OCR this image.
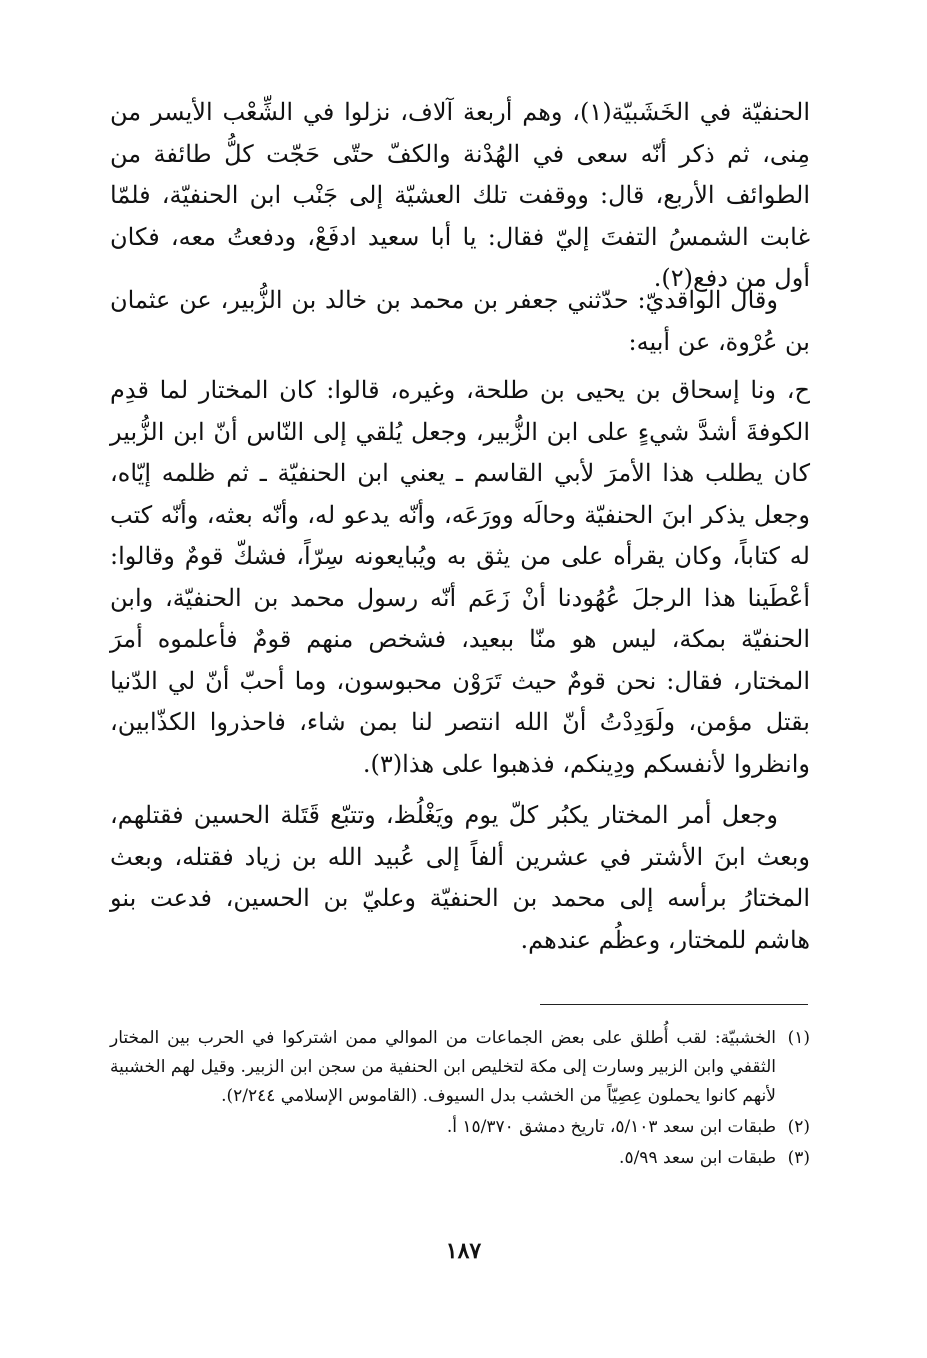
الحنفيّة في الخَشَبيّة(١)، وهم أربعة آلاف، نزلوا في الشِّعْب الأيسر من مِنى، ثم ذكر أنّه سعى في الهُدْنة والكفّ حتّى حَجّت كلُّ طائفة من الطوائف الأربع، قال: ووقفت تلك العشيّة إلى جَنْب ابن الحنفيّة، فلمّا غابت الشمسُ التفتَ إليّ فقال: يا أبا سعيد ادفَعْ، ودفعتُ معه، فكان أول من دفع(٢).

وقال الواقديّ: حدّثني جعفر بن محمد بن خالد بن الزُّبير، عن عثمان بن عُرْوة، عن أبيه:

ح، ونا إسحاق بن يحيى بن طلحة، وغيره، قالوا: كان المختار لما قدِم الكوفةَ أشدَّ شيءٍ على ابن الزُّبير، وجعل يُلقي إلى النّاس أنّ ابن الزُّبير كان يطلب هذا الأمرَ لأبي القاسم ـ يعني ابن الحنفيّة ـ ثم ظلمه إيّاه، وجعل يذكر ابنَ الحنفيّة وحالَه وورَعَه، وأنّه يدعو له، وأنّه بعثه، وأنّه كتب له كتاباً، وكان يقرأه على من يثق به ويُبايعونه سِرّاً، فشكّ قومٌ وقالوا: أعْطَينا هذا الرجلَ عُهُودنا أنْ زَعَم أنّه رسول محمد بن الحنفيّة، وابن الحنفيّة بمكة، ليس هو منّا ببعيد، فشخص منهم قومٌ فأعلموه أمرَ المختار، فقال: نحن قومٌ حيث تَرَوْن محبوسون، وما أحبّ أنّ لي الدّنيا بقتل مؤمن، ولَوَدِدْتُ أنّ الله انتصر لنا بمن شاء، فاحذروا الكذّابين، وانظروا لأنفسكم ودِينكم، فذهبوا على هذا(٣).

وجعل أمر المختار يكبُر كلّ يوم ويَغْلُظ، وتتبّع قَتَلة الحسين فقتلهم، وبعث ابنَ الأشتر في عشرين ألفاً إلى عُبيد الله بن زياد فقتله، وبعث المختارُ برأسه إلى محمد بن الحنفيّة وعليّ بن الحسين، فدعت بنو هاشم للمختار، وعظُم عندهم.

(١)
الخشبيّة: لقب أُطلق على بعض الجماعات من الموالي ممن اشتركوا في الحرب بين المختار الثقفي وابن الزبير وسارت إلى مكة لتخليص ابن الحنفية من سجن ابن الزبير. وقيل لهم الخشبية لأنهم كانوا يحملون عِصِيّاً من الخشب بدل السيوف. (القاموس الإسلامي ٢/٢٤٤).
(٢)
طبقات ابن سعد ٥/١٠٣، تاريخ دمشق ١٥/٣٧٠ أ.
(٣)
طبقات ابن سعد ٥/٩٩.
١٨٧
